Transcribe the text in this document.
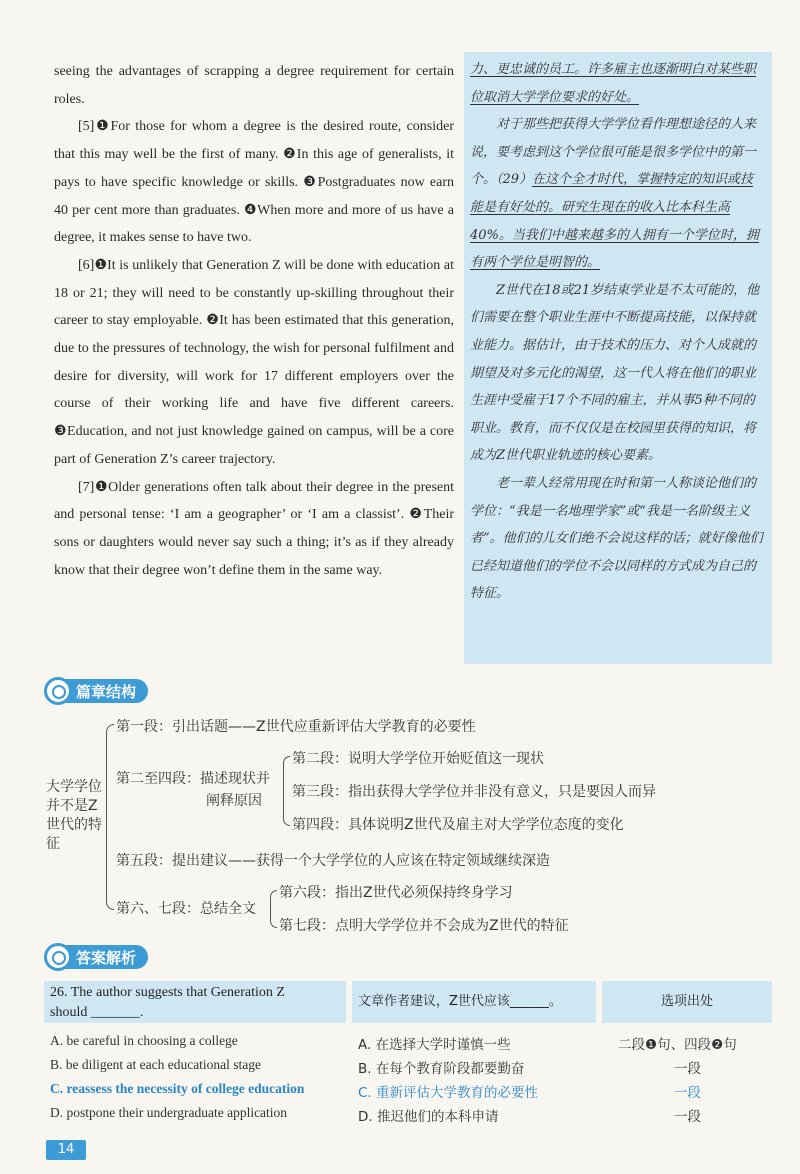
seeing the advantages of scrapping a degree requirement for certain roles.

[5]❶For those for whom a degree is the desired route, consider that this may well be the first of many. ❷In this age of generalists, it pays to have specific knowledge or skills. ❸Postgraduates now earn 40 per cent more than graduates. ❹When more and more of us have a degree, it makes sense to have two.

[6]❶It is unlikely that Generation Z will be done with education at 18 or 21; they will need to be constantly up-skilling throughout their career to stay employable. ❷It has been estimated that this generation, due to the pressures of technology, the wish for personal fulfilment and desire for diversity, will work for 17 different employers over the course of their working life and have five different careers. ❸Education, and not just knowledge gained on campus, will be a core part of Generation Z’s career trajectory.

[7]❶Older generations often talk about their degree in the present and personal tense: ‘I am a geographer’ or ‘I am a classist’. ❷Their sons or daughters would never say such a thing; it’s as if they already know that their degree won’t define them in the same way.

力、更忠诚的员工。许多雇主也逐渐明白对某些职位取消大学学位要求的好处。

对于那些把获得大学学位看作理想途径的人来说，要考虑到这个学位很可能是很多学位中的第一个。（29）在这个全才时代，掌握特定的知识或技能是有好处的。研究生现在的收入比本科生高40%。当我们中越来越多的人拥有一个学位时，拥有两个学位是明智的。

Z世代在18或21岁结束学业是不太可能的，他们需要在整个职业生涯中不断提高技能，以保持就业能力。据估计，由于技术的压力、对个人成就的期望及对多元化的渴望，这一代人将在他们的职业生涯中受雇于17个不同的雇主，并从事5种不同的职业。教育，而不仅仅是在校园里获得的知识，将成为Z世代职业轨迹的核心要素。

老一辈人经常用现在时和第一人称谈论他们的学位：“我是一名地理学家”或“我是一名阶级主义者”。他们的儿女们绝不会说这样的话；就好像他们已经知道他们的学位不会以同样的方式成为自己的特征。

篇章结构
大学学位
并不是Z
世代的特
征
第一段：引出话题——Z世代应重新评估大学教育的必要性
第二至四段：描述现状并
阐释原因
第二段：说明大学学位开始贬值这一现状
第三段：指出获得大学学位并非没有意义，只是要因人而异
第四段：具体说明Z世代及雇主对大学学位态度的变化
第五段：提出建议——获得一个大学学位的人应该在特定领域继续深造
第六、七段：总结全文
第六段：指出Z世代必须保持终身学习
第七段：点明大学学位并不会成为Z世代的特征
答案解析
26. The author suggests that Generation Z
should _______.
文章作者建议，Z世代应该______。	选项出处
A. be careful in choosing a college	A. 在选择大学时谨慎一些	二段❶句、四段❷句
B. be diligent at each educational stage	B. 在每个教育阶段都要勤奋	一段
C. reassess the necessity of college education	C. 重新评估大学教育的必要性	一段
D. postpone their undergraduate application	D. 推迟他们的本科申请	一段
14
